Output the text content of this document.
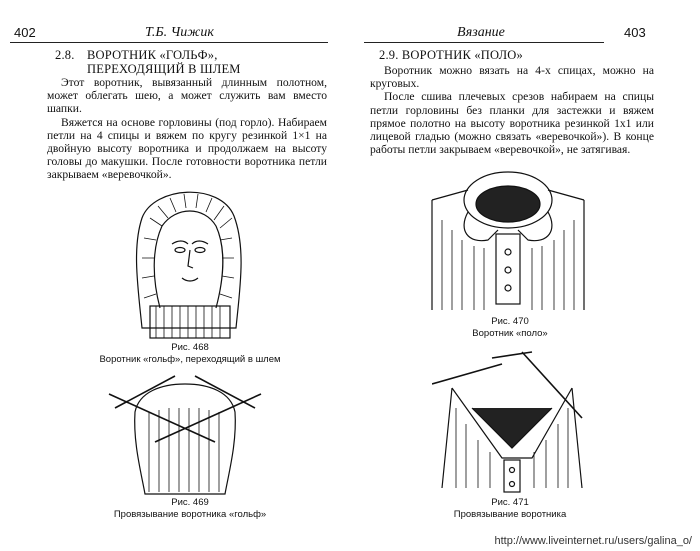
402	Т.Б. Чижик
2.8. ВОРОТНИК «ГОЛЬФ»,
ПЕРЕХОДЯЩИЙ В ШЛЕМ

Этот воротник, вывязанный длинным полотном, может облегать шею, а может служить вам вместо шапки.

Вяжется на основе горловины (под горло). Набираем петли на 4 спицы и вяжем по кругу резинкой 1×1 на двойную высоту воротника и продолжаем на высоту головы до макушки. После готовности воротника петли закрываем «веревочкой».

Рис. 468
Воротник «гольф», переходящий в шлем
Рис. 469
Провязывание воротника «гольф»
Вязание	403
2.9. ВОРОТНИК «ПОЛО»

Воротник можно вязать на 4-х спицах, можно на круговых.

После сшива плечевых срезов набираем на спицы петли горловины без планки для застежки и вяжем прямое полотно на высоту воротника резинкой 1х1 или лицевой гладью (можно связать «веревочкой»). В конце работы петли закрываем «веревочкой», не затягивая.

Рис. 470
Воротник «поло»
Рис. 471
Провязывание воротника
http://www.liveinternet.ru/users/galina_o/
